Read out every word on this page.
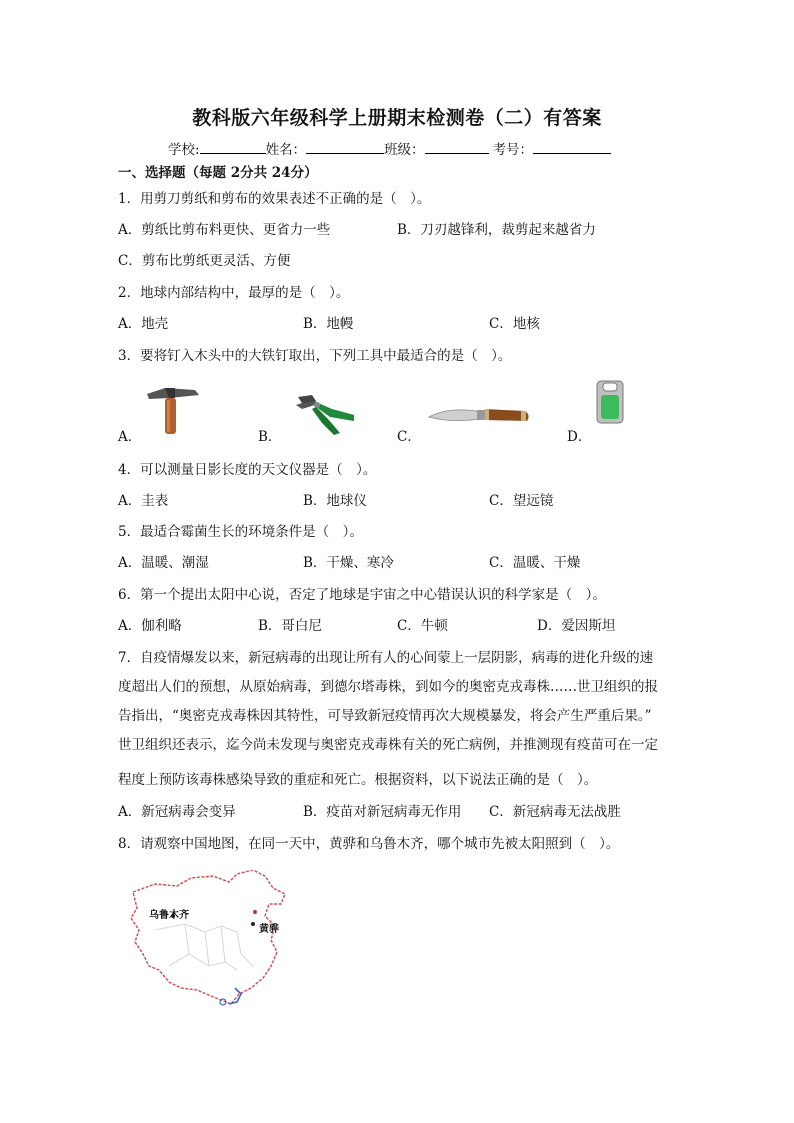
教科版六年级科学上册期末检测卷（二）有答案
学校:	姓名：	班级：	考号：
一、选择题（每题 2分共 24分）
1．用剪刀剪纸和剪布的效果表述不正确的是（　）。
A．剪纸比剪布料更快、更省力一些	B．刀刃越锋利，裁剪起来越省力
C．剪布比剪纸更灵活、方便
2．地球内部结构中，最厚的是（　）。
A．地壳	B．地幔	C．地核
3．要将钉入木头中的大铁钉取出，下列工具中最适合的是（　）。
A．	B．	C．	D．
4．可以测量日影长度的天文仪器是（　）。
A．圭表	B．地球仪	C．望远镜
5．最适合霉菌生长的环境条件是（　）。
A．温暖、潮湿	B．干燥、寒冷	C．温暖、干燥
6．第一个提出太阳中心说，否定了地球是宇宙之中心错误认识的科学家是（　）。
A．伽利略	B．哥白尼	C．牛顿	D．爱因斯坦
7．自疫情爆发以来，新冠病毒的出现让所有人的心间蒙上一层阴影，病毒的进化升级的速
度超出人们的预想，从原始病毒，到德尔塔毒株，到如今的奥密克戎毒株……世卫组织的报
告指出，“奥密克戎毒株因其特性，可导致新冠疫情再次大规模暴发，将会产生严重后果。”
世卫组织还表示，迄今尚未发现与奥密克戎毒株有关的死亡病例，并推测现有疫苗可在一定
程度上预防该毒株感染导致的重症和死亡。根据资料，以下说法正确的是（　）。
A．新冠病毒会变异	B．疫苗对新冠病毒无作用 C．新冠病毒无法战胜
8．请观察中国地图，在同一天中，黄骅和乌鲁木齐，哪个城市先被太阳照到（　）。
乌鲁木齐
黄骅
